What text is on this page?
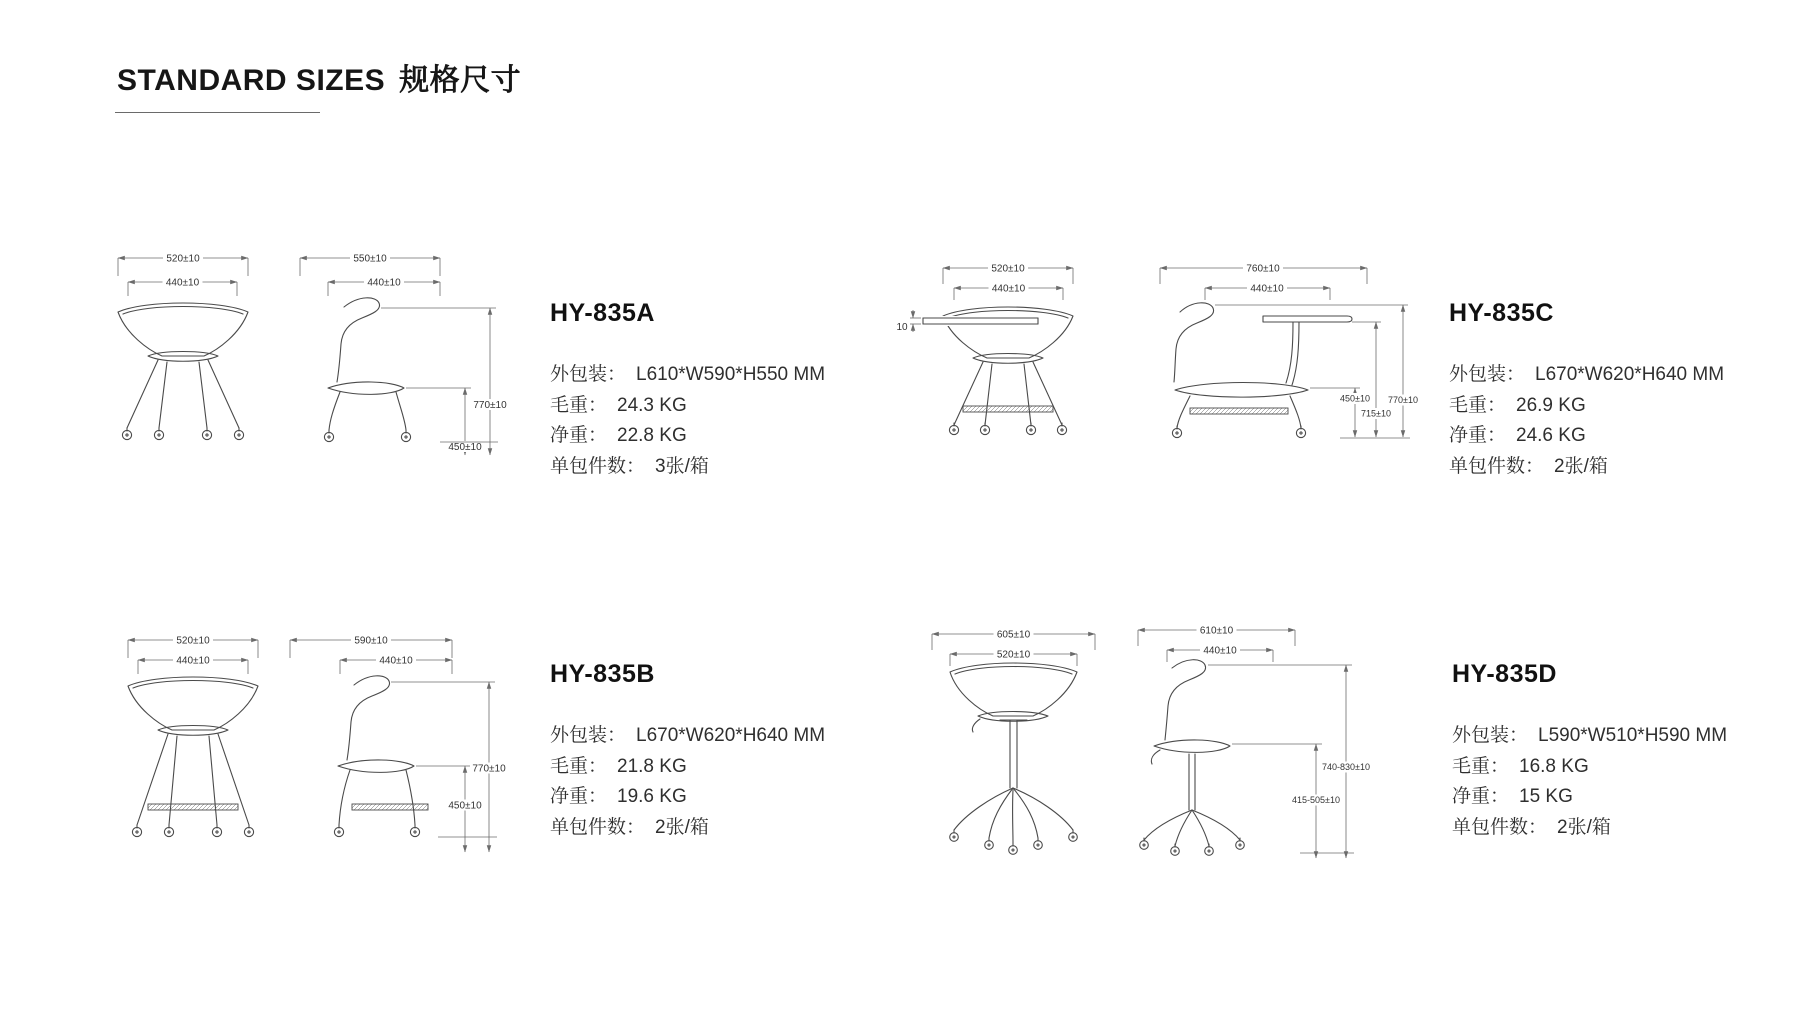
STANDARD SIZES 规格尺寸
520±10
440±10
550±10
440±10
450±10
770±10
HY-835A
外包装： L610*W590*H550 MM
毛重： 24.3 KG
净重： 22.8 KG
单包件数： 3张/箱
520±10
440±10
590±10
440±10
450±10
770±10
HY-835B
外包装： L670*W620*H640 MM
毛重： 21.8 KG
净重： 19.6 KG
单包件数： 2张/箱
520±10
440±10
10
760±10
440±10
450±10
715±10
770±10
HY-835C
外包装： L670*W620*H640 MM
毛重： 26.9 KG
净重： 24.6 KG
单包件数： 2张/箱
605±10
520±10
610±10
440±10
740-830±10
415-505±10
HY-835D
外包装： L590*W510*H590 MM
毛重： 16.8 KG
净重： 15 KG
单包件数： 2张/箱
